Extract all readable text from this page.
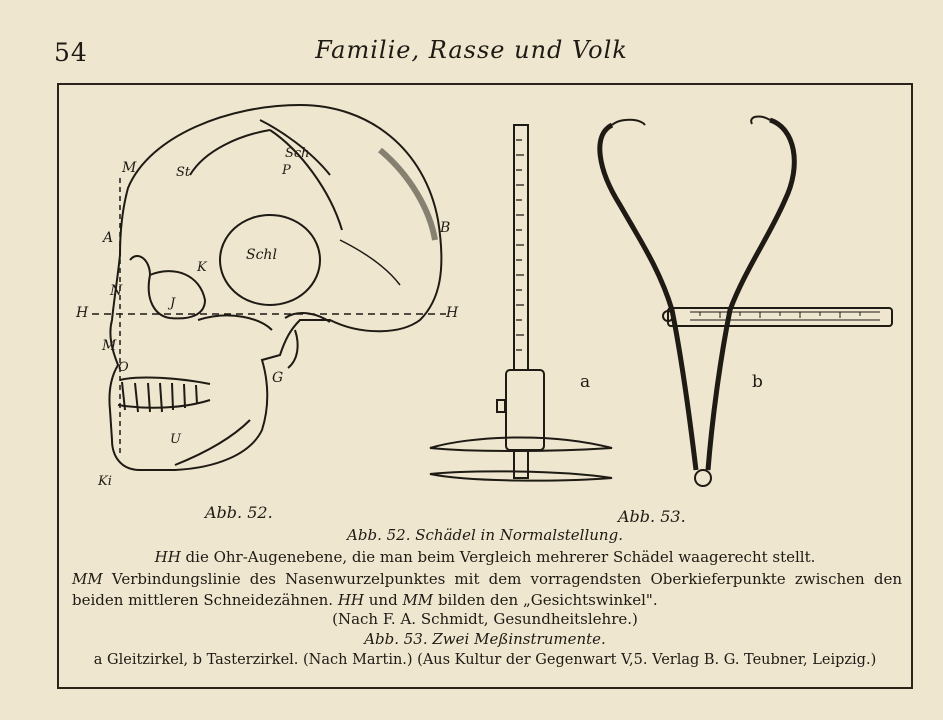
54	Familie, Rasse und Volk
M
A
N
H
M
O
U
Ki
St
Sch
P
Schl
K
J
B
H
G	a	b
Abb. 52.	Abb. 53.
Abb. 52. Schädel in Normalstellung.
HH die Ohr-Augenebene, die man beim Vergleich mehrerer Schädel waagerecht stellt.
MM Verbindungslinie des Nasenwurzelpunktes mit dem vorragendsten Oberkieferpunkte zwischen den beiden mittleren Schneidezähnen. HH und MM bilden den „Gesichtswinkel".
(Nach F. A. Schmidt, Gesundheitslehre.)
Abb. 53. Zwei Meßinstrumente.
a Gleitzirkel, b Tasterzirkel. (Nach Martin.) (Aus Kultur der Gegenwart V,5. Verlag B. G. Teubner, Leipzig.)
